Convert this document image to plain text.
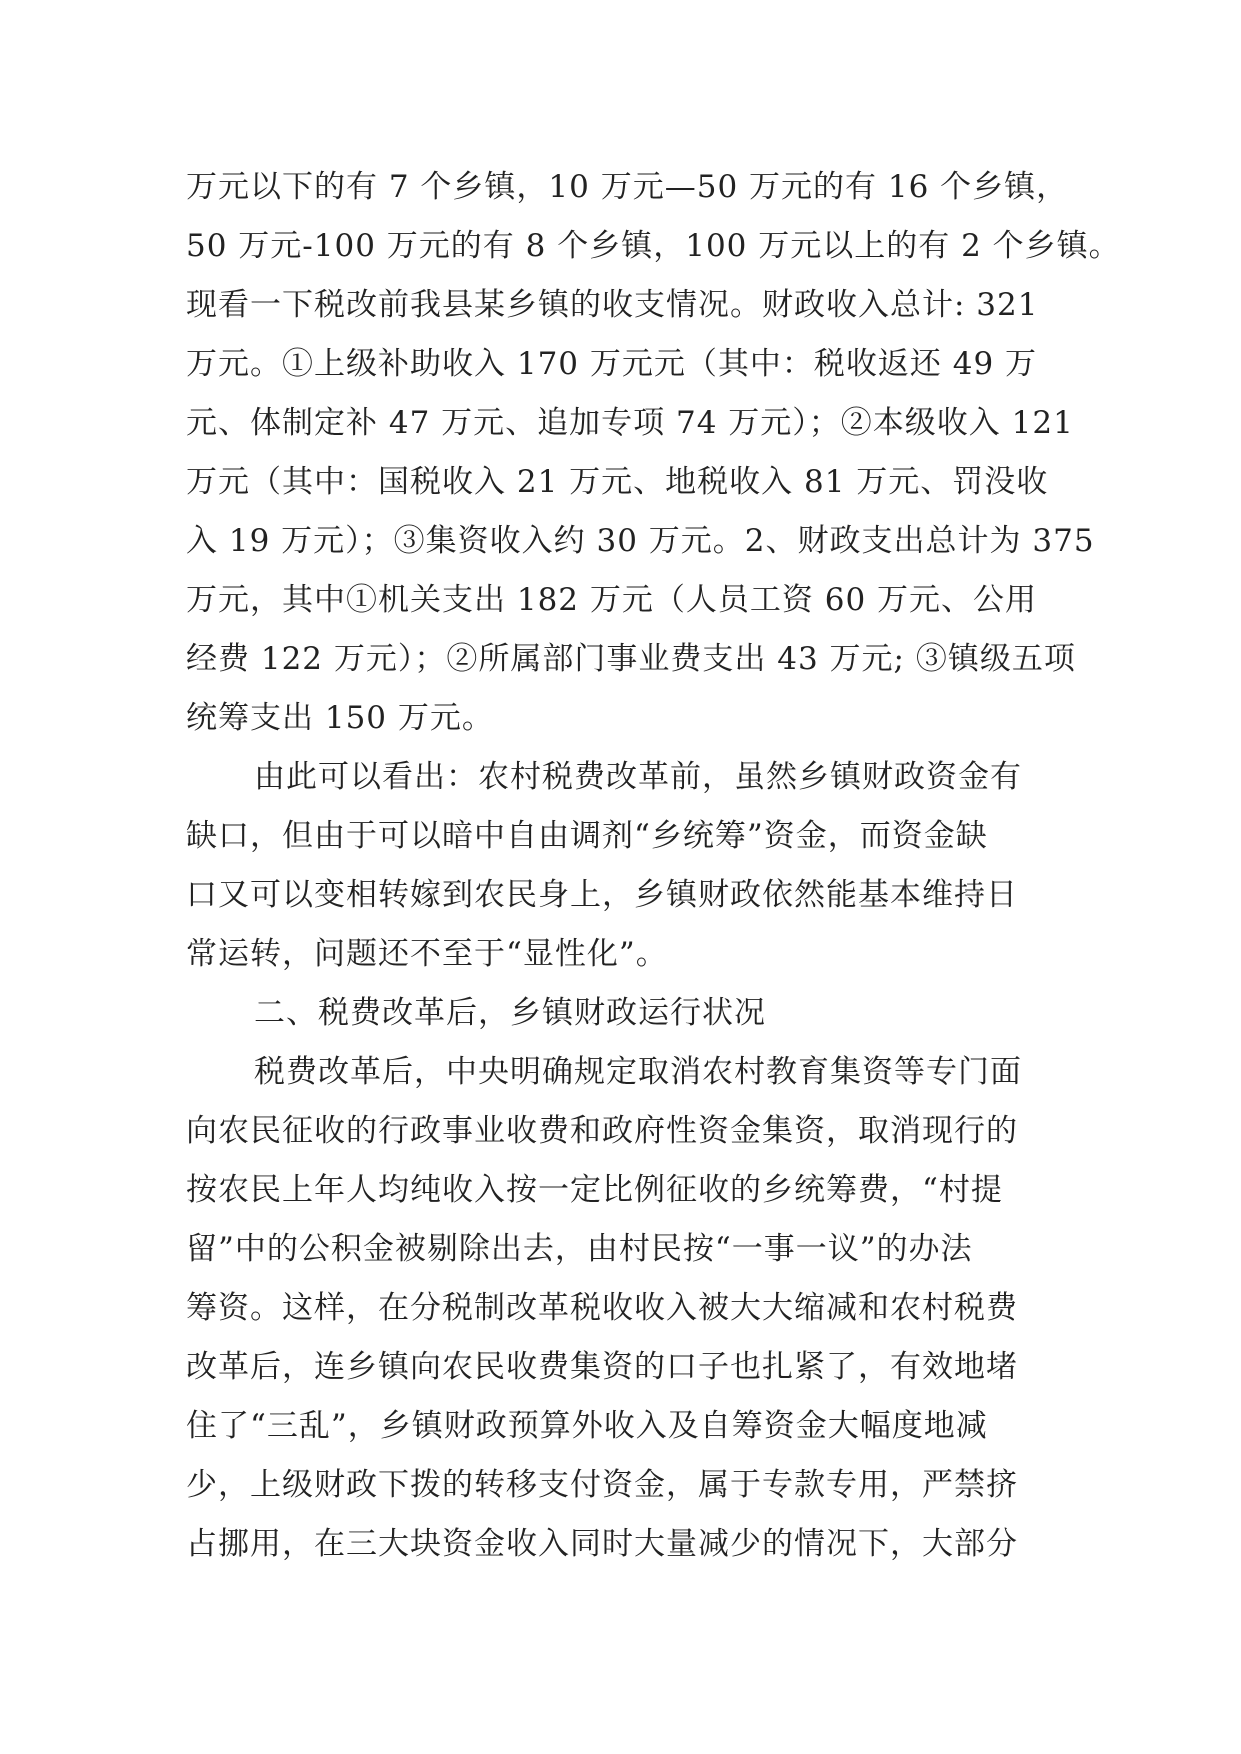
万元以下的有 7 个乡镇，10 万元—50 万元的有 16 个乡镇，
50 万元-100 万元的有 8 个乡镇，100 万元以上的有 2 个乡镇。
现看一下税改前我县某乡镇的收支情况。财政收入总计: 321
万元。①上级补助收入 170 万元元（其中：税收返还 49 万
元、体制定补 47 万元、追加专项 74 万元）；②本级收入 121
万元（其中：国税收入 21 万元、地税收入 81 万元、罚没收
入 19 万元）；③集资收入约 30 万元。2、财政支出总计为 375
万元，其中①机关支出 182 万元（人员工资 60 万元、公用
经费 122 万元）；②所属部门事业费支出 43 万元; ③镇级五项
统筹支出 150 万元。
由此可以看出：农村税费改革前，虽然乡镇财政资金有
缺口，但由于可以暗中自由调剂“乡统筹”资金，而资金缺
口又可以变相转嫁到农民身上，乡镇财政依然能基本维持日
常运转，问题还不至于“显性化”。
二、税费改革后，乡镇财政运行状况
税费改革后，中央明确规定取消农村教育集资等专门面
向农民征收的行政事业收费和政府性资金集资，取消现行的
按农民上年人均纯收入按一定比例征收的乡统筹费，“村提
留”中的公积金被剔除出去，由村民按“一事一议”的办法
筹资。这样，在分税制改革税收收入被大大缩减和农村税费
改革后，连乡镇向农民收费集资的口子也扎紧了，有效地堵
住了“三乱”，乡镇财政预算外收入及自筹资金大幅度地减
少，上级财政下拨的转移支付资金，属于专款专用，严禁挤
占挪用，在三大块资金收入同时大量减少的情况下，大部分
